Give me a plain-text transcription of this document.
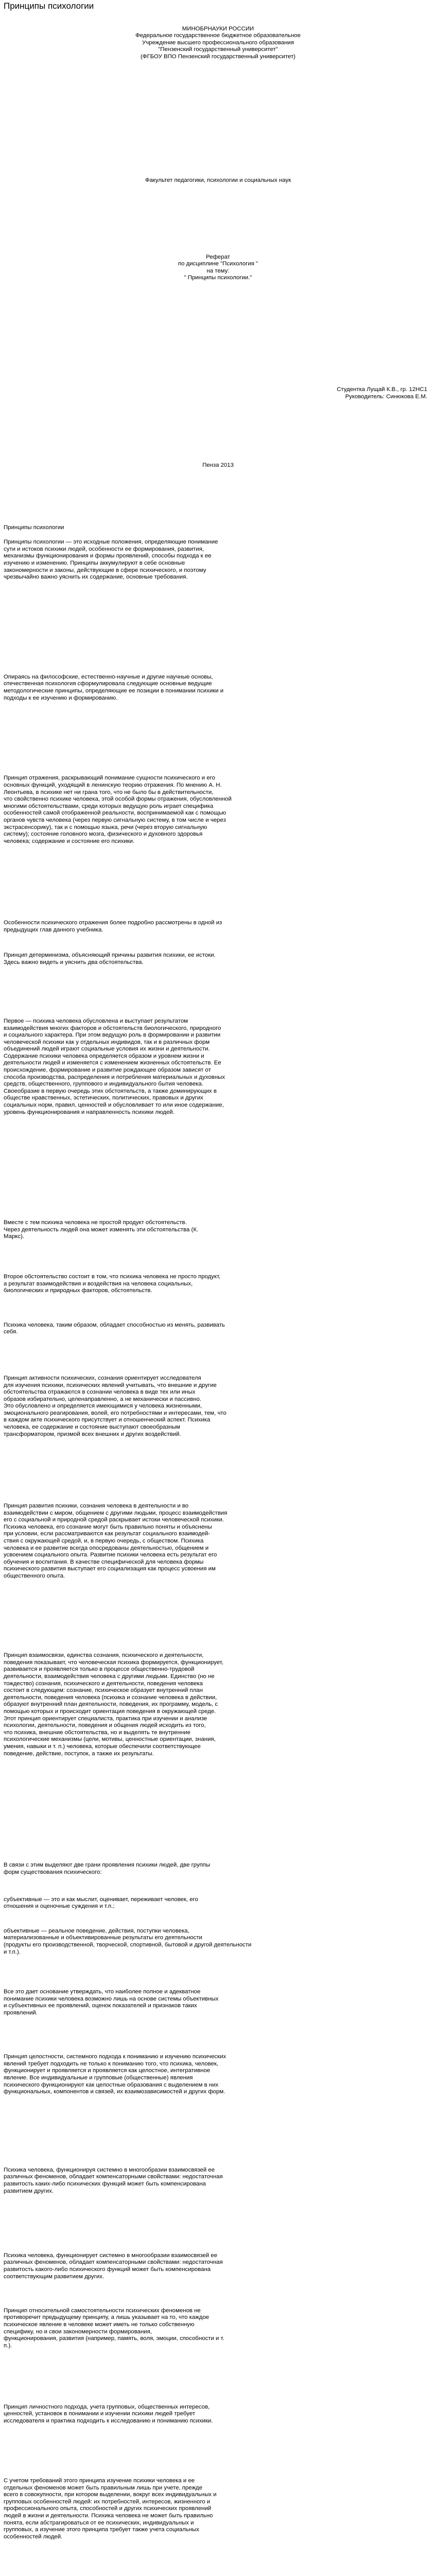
Принципы психологии
МИНОБРНАУКИ РОССИИ
Федеральное государственное бюджетное образовательное
Учреждение высшего профессионального образования
"Пензенский государственный университет"
(ФГБОУ ВПО Пензенский государственный университет)
Факультет педагогики, психологии и социальных наук
Реферат
по дисциплине "Психология "
на тему:
" Принципы психологии."
Студентка Лущай К.В., гр. 12НС1
Руководитель: Синюкова Е.М.
Пенза 2013
Принципы психологии
Принципы психологии — это исходные положения, определяющие понимание
сути и истоков психики людей, особенности ее формирования, развития,
механизмы функционирования и формы проявлений, способы подхода к ее
изучению и изменению. Принципы аккумулируют в себе основные
закономерности и законы, действующие в сфере психического, и поэтому
чрезвычайно важно уяснить их содержание, основные требования.
Опираясь на философские, естественно-научные и другие научные основы,
отечественная психология сформулировала следующие основные ведущие
методологические принципы, определяющие ее позиции в понимании психики и
подходы к ее изучению и формированию.
Принцип отражения, раскрывающий понимание сущности психического и его
основных функций, уходящий в ленинскую теорию отражения. По мнению А. Н.
Леонтьева, в психике нет ни грана того, что не было бы в действительности,
что свойственно психике человека, этой особой формы отражения, обусловленной
многими обстоятельствами, среди которых ведущую роль играет специфика
особенностей самой отображенной реальности, воспринимаемой как с помощью
органов чувств человека (через первую сигнальную систему, в том числе и через
экстрасенсорику), так и с помощью языка, речи (через вторую сигнальную
систему); состояние головного мозга, физического и духовного здоровья
человека; содержание и состояние его психики.
Особенности психического отражения более подробно рассмотрены в одной из
предыдущих глав данного учебника.
Принцип детерминизма, объясняющий причины развития психики, ее истоки.
Здесь важно видеть и уяснить два обстоятельства.
Первое — психика человека обусловлена и выступает результатом
взаимодействия многих факторов и обстоятельств биологического, природного
и социального характера. При этом ведущую роль в формировании и развитии
человеческой психики как у отдельных индивидов, так и в различных форм
объединений людей играют социальные условия их жизни и деятельности.
Содержание психики человека определяется образом и уровнем жизни и
деятельности людей и изменяется с изменением жизненных обстоятельств. Ее
происхождение, формирование и развитие рождающее образом зависят от
способа производства, распределения и потребления материальных и духовных
средств, общественного, группового и индивидуального бытия человека.
Своеобразие в первую очередь этих обстоятельств, а также доминирующих в
обществе нравственных, эстетических, политических, правовых и других
социальных норм, правил, ценностей и обусловливает то или иное содержание,
уровень функционирования и направленность психики людей.
Вместе с тем психика человека не простой продукт обстоятельств.
Через деятельность людей она может изменять эти обстоятельства (К.
Маркс).
Второе обстоятельство состоит в том, что психика человека не просто продукт,
а результат взаимодействия и воздействия на человека социальных,
биологических и природных факторов, обстоятельств.
Психика человека, таким образом, обладает способностью из менять, развивать
себя.
Принцип активности психических, сознания ориентирует исследователя
для изучения психики, психических явлений учитывать, что внешние и другие
обстоятельства отражаются в сознании человека в виде тех или иных
образов избирательно, целенаправленно, а не механически и пассивно.
Это обусловлено и определяется имеющимися у человека жизненными,
эмоционального реагирования, волей, его потребностями и интересами, тем, что
в каждом акте психического присутствует и отношенческий аспект. Психика
человека, ее содержание и состояние выступают своеобразным
трансформатором, призмой всех внешних и других воздействий.
Принцип развития психики, сознания человека в деятельности и во
взаимодействии с миром, общением с другими людьми, процесс взаимодействия
его с социальной и природной средой раскрывает истоки человеческой психики.
Психика человека, его сознание могут быть правильно поняты и объяснены
при условии, если рассматриваются как результат социального взаимодей-
ствия с окружающей средой, и, в первую очередь, с обществом. Психика
человека и ее развитие всегда опосредованы деятельностью, общением и
усвоением социального опыта. Развитие психики человека есть результат его
обучения и воспитания. В качестве специфической для человека формы
психического развития выступает его социализация как процесс усвоения им
общественного опыта.
Принцип взаимосвязи, единства сознания, психического и деятельности,
поведения показывает, что человеческая психика формируется, функционирует,
развивается и проявляется только в процессе общественно-трудовой
деятельности, взаимодействия человека с другими людьми. Единство (но не
тождество) сознания, психического и деятельности, поведения человека
состоит в следующем: сознание, психическое образует внутренний план
деятельности, поведения человека (психика и сознание человека в действии,
образуют внутренний план деятельности, поведения, их программу, модель, с
помощью которых и происходит ориентация поведения в окружающей среде.
Этот принцип ориентирует специалиста, практика при изучении и анализе
психологии, деятельности, поведения и общения людей исходить из того,
что психика, внешние обстоятельства, но и выделять те внутренние
психологические механизмы (цели, мотивы, ценностные ориентации, знания,
умения, навыки и т. п.) человека, которые обеспечили соответствующее
поведение, действие, поступок, а также их результаты.
В связи с этим выделяют две грани проявления психики людей, две группы
форм существования психического:
субъективные — это и как мыслит, оценивает, переживает человек, его
отношения и оценочные суждения и т.п.;
объективные — реальное поведение, действия, поступки человека,
материализованные и объективированные результаты его деятельности
(продукты его производственной, творческой, спортивной, бытовой и другой деятельности
и т.п.).
Все это дает основание утверждать, что наиболее полное и адекватное
понимание психики человека возможно лишь на основе системы объективных
и субъективных ее проявлений, оценок показателей и признаков таких
проявлений.
Принцип целостности, системного подхода к пониманию и изучению психических
явлений требует подходить не только к пониманию того, что психика, человек,
функционирует и проявляется и проявляется как целостное, интегративное
явление. Все индивидуальные и групповые (общественные) явления
психического функционируют как целостные образования с выделением в них
функциональных, компонентов и связей, их взаимозависимостей и других форм.
Психика человека, функционируя системно в многообразии взаимосвязей ее
различных феноменов, обладает компенсаторными свойствами: недостаточная
развитость каких-либо психических функций может быть компенсирована
развитием других.
Психика человека, функционирует системно в многообразии взаимосвязей ее
различных феноменов, обладает компенсаторными свойствами: недостаточная
развитость какого-либо психического функций может быть компенсирована
соответствующим развитием других.
Принцип относительной самостоятельности психических феноменов не
противоречит предыдущему принципу, а лишь указывает на то, что каждое
психическое явление в человеке может иметь не только собственную
специфику, но и свои закономерности формирования,
функционирования, развития (например, память, воля, эмоции, способности и т.
п.).
Принцип личностного подхода, учета групповых, общественных интересов,
ценностей, установок в понимании и изучении психики людей требует
исследователя и практика подходить к исследованию и пониманию психики.
С учетом требований этого принципа изучение психики человека и ее
отдельных феноменов может быть правильным лишь при учете, прежде
всего в совокупности, при котором выделении, вокруг всех индивидуальных и
групповых особенностей людей: их потребностей, интересов, жизненного и
профессионального опыта, способностей и других психических проявлений
людей в жизни и деятельности. Психика человека не может быть правильно
понята, если абстрагироваться от ее психических, индивидуальных и
групповых, а изучение этого принципа требует также учета социальных
особенностей людей.
